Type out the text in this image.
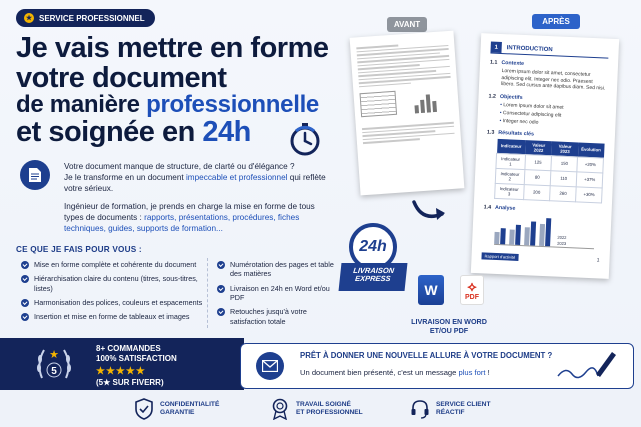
★ SERVICE PROFESSIONNEL
Je vais mettre en forme
votre document
de manière professionnelle
et soignée en 24h

Votre document manque de structure, de clarté ou d'élégance ?
Je le transforme en un document impeccable et professionnel qui reflète votre sérieux.

Ingénieur de formation, je prends en charge la mise en forme de tous types de documents : rapports, présentations, procédures, fiches techniques, guides, supports de formation...

CE QUE JE FAIS POUR VOUS :
Mise en forme complète et cohérente du document
Hiérarchisation claire du contenu (titres, sous-titres, listes)
Harmonisation des polices, couleurs et espacements
Insertion et mise en forme de tableaux et images
Numérotation des pages et table des matières
Livraison en 24h en Word et/ou PDF
Retouches jusqu'à votre satisfaction totale
AVANT	APRÈS

1	INTRODUCTION
1.1 Contexte
Lorem ipsum dolor sit amet, consectetur adipiscing elit. Integer nec odio. Praesent libero. Sed cursus ante dapibus diam. Sed nisi.
1.2 Objectifs
• Lorem ipsum dolor sit amet
• Consectetur adipiscing elit
• Integer nec odio
1.3 Résultats clés
Indicateur	Valeur 2022	Valeur 2023	Évolution
Indicateur 1	125	150	+20%
Indicateur 2	80	110	+37%
Indicateur 3	200	260	+30%
1.4 Analyse
2022
2023
Rapport d'activité
1
24h
LIVRAISON
EXPRESS
W	⟡
PDF
LIVRAISON EN WORD ET/OU PDF
★
5
8+ COMMANDES
100% SATISFACTION
★★★★★
(5★ SUR FIVERR)
PRÊT À DONNER UNE NOUVELLE ALLURE À VOTRE DOCUMENT ?
Un document bien présenté, c'est un message plus fort !
CONFIDENTIALITÉ
GARANTIE
TRAVAIL SOIGNÉ
ET PROFESSIONNEL
SERVICE CLIENT
RÉACTIF
